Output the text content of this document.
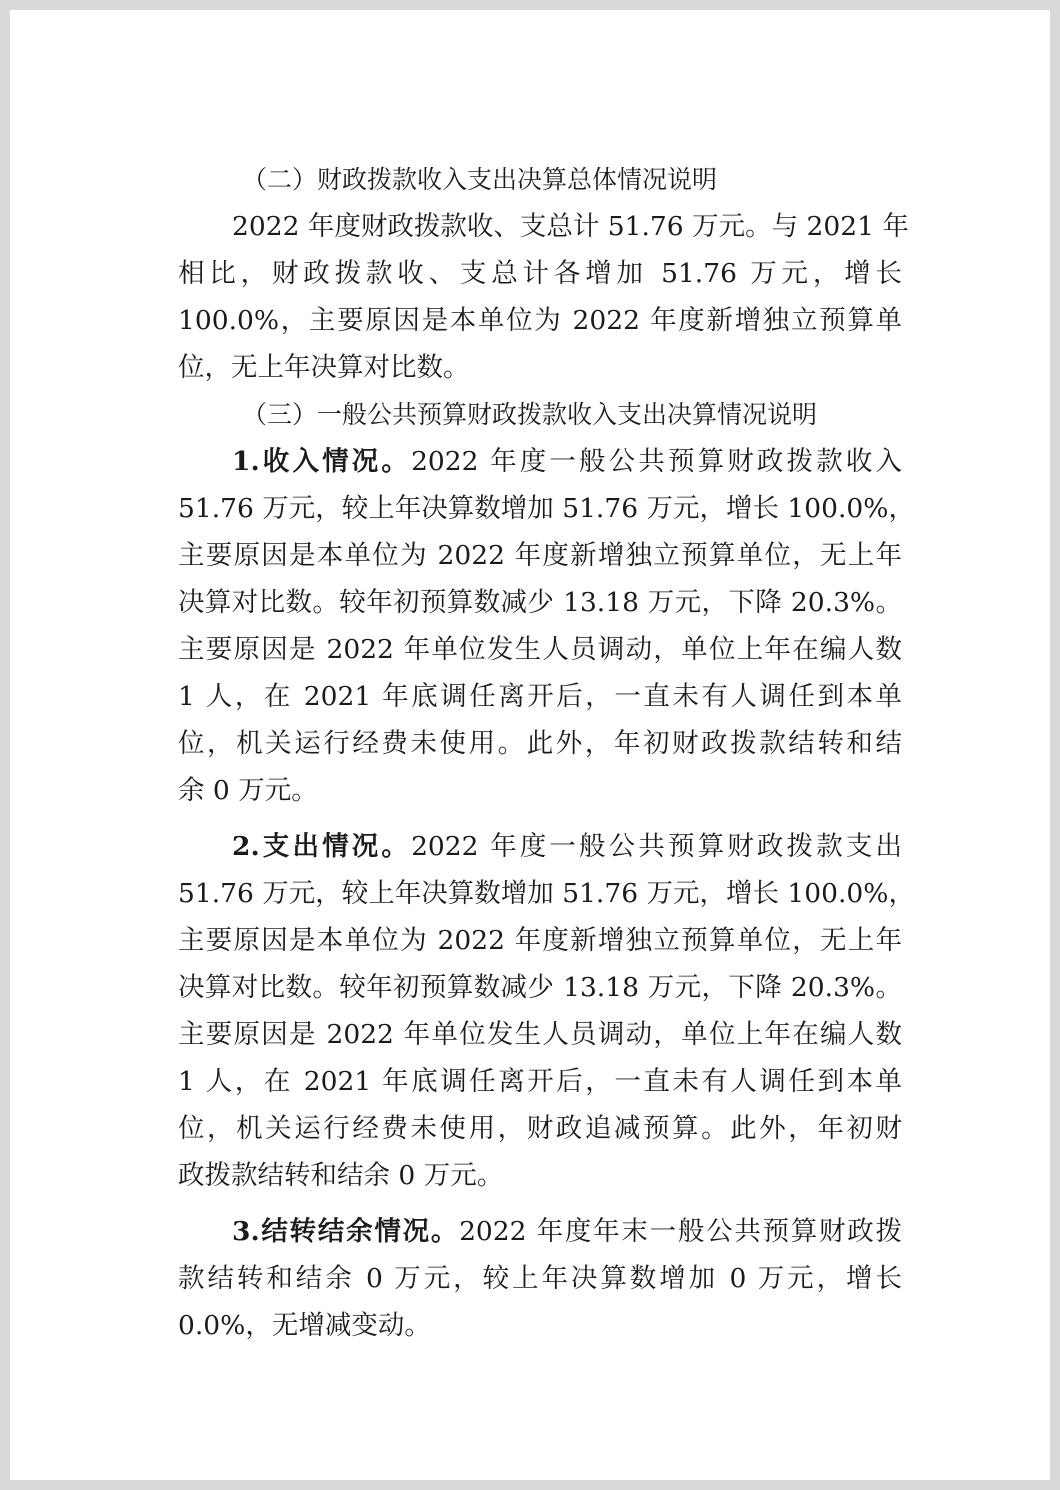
（二）财政拨款收入支出决算总体情况说明

2022 年度财政拨款收、支总计 51.76 万元。与 2021 年
相比，财政拨款收、支总计各增加 51.76 万元，增长
100.0%，主要原因是本单位为 2022 年度新增独立预算单
位，无上年决算对比数。

（三）一般公共预算财政拨款收入支出决算情况说明

1.收入情况。2022 年度一般公共预算财政拨款收入
51.76 万元，较上年决算数增加 51.76 万元，增长 100.0%，
主要原因是本单位为 2022 年度新增独立预算单位，无上年
决算对比数。较年初预算数减少 13.18 万元，下降 20.3%。
主要原因是 2022 年单位发生人员调动，单位上年在编人数
1 人，在 2021 年底调任离开后，一直未有人调任到本单
位，机关运行经费未使用。此外，年初财政拨款结转和结
余 0 万元。
2.支出情况。2022 年度一般公共预算财政拨款支出
51.76 万元，较上年决算数增加 51.76 万元，增长 100.0%，
主要原因是本单位为 2022 年度新增独立预算单位，无上年
决算对比数。较年初预算数减少 13.18 万元，下降 20.3%。
主要原因是 2022 年单位发生人员调动，单位上年在编人数
1 人，在 2021 年底调任离开后，一直未有人调任到本单
位，机关运行经费未使用，财政追减预算。此外，年初财
政拨款结转和结余 0 万元。
3.结转结余情况。2022 年度年末一般公共预算财政拨
款结转和结余 0 万元，较上年决算数增加 0 万元，增长
0.0%，无增减变动。
